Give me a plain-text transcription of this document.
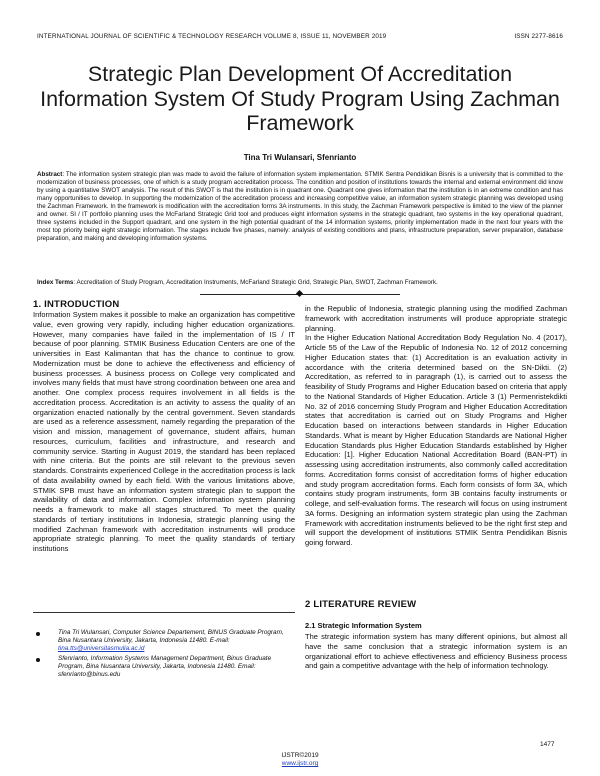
INTERNATIONAL JOURNAL OF SCIENTIFIC & TECHNOLOGY RESEARCH VOLUME 8, ISSUE 11, NOVEMBER 2019	ISSN 2277-8616
Strategic Plan Development Of Accreditation Information System Of Study Program Using Zachman Framework
Tina Tri Wulansari, Sfenrianto
Abstract: The information system strategic plan was made to avoid the failure of information system implementation. STMIK Sentra Pendidikan Bisnis is a university that is committed to the modernization of business processes, one of which is a study program accreditation process. The condition and position of institutions towards the internal and external environment did know by using a quantitative SWOT analysis. The result of this SWOT is that the institution is in quadrant one. Quadrant one gives information that the institution is in an extreme condition and has many opportunities to develop. In supporting the modernization of the accreditation process and increasing competitive value, an information system strategic planning was developed using the Zachman Framework. In the framework is modification with the accreditation forms 3A instruments. In this study, the Zachman Framework perspective is limited to the view of the planner and owner. SI / IT portfolio planning uses the McFarland Strategic Grid tool and produces eight information systems in the strategic quadrant, two systems in the key operational quadrant, three systems included in the Support quadrant, and one system in the high potential quadrant of the 14 information systems, priority implementation made in the next four years with the most top priority being eight strategic information. The stages include five phases, namely: analysis of existing conditions and plans, infrastructure preparation, server preparation, database preparation, and making and developing information systems.
Index Terms: Accreditation of Study Program, Accreditation Instruments, McFarland Strategic Grid, Strategic Plan, SWOT, Zachman Framework.
1. INTRODUCTION
Information System makes it possible to make an organization has competitive value, even growing very rapidly, including higher education organizations. However, many companies have failed in the implementation of IS / IT because of poor planning. STMIK Business Education Centers are one of the universities in East Kalimantan that has the chance to continue to grow. Modernization must be done to achieve the effectiveness and efficiency of business processes. A business process on College very complicated and involves many fields that must have strong coordination between one area and another. One complex process requires involvement in all fields is the accreditation process. Accreditation is an activity to assess the quality of an organization enacted nationally by the central government. Seven standards are used as a reference assessment, namely regarding the preparation of the vision and mission, management of governance, student affairs, human resources, curriculum, facilities and infrastructure, and research and community service. Starting in August 2019, the standard has been replaced with nine criteria. But the points are still relevant to the previous seven standards. Constraints experienced College in the accreditation process is lack of data availability owned by each field. With the various limitations above, STMIK SPB must have an information system strategic plan to support the availability of data and information. Complex information system planning needs a framework to make all stages structured. To meet the quality standards of tertiary institutions in Indonesia, strategic planning using the modified Zachman framework with accreditation instruments will produce appropriate strategic planning. To meet the quality standards of tertiary institutions
Tina Tri Wulansari, Computer Science Departement, BINUS Graduate Program, Bina Nusantara University, Jakarta, Indonesia 11480. E-mail: tina.tts@universitasmulia.ac.id
Sfenrianto, Information Systems Management Department, Binus Graduate Program, Bina Nusantara University, Jakarta, Indonesia 11480. Email: sfenrianto@binus.edu
in the Republic of Indonesia, strategic planning using the modified Zachman framework with accreditation instruments will produce appropriate strategic planning.
In the Higher Education National Accreditation Body Regulation No. 4 (2017), Article 55 of the Law of the Republic of Indonesia No. 12 of 2012 concerning Higher Education states that: (1) Accreditation is an evaluation activity in accordance with the criteria determined based on the SN-Dikti. (2) Accreditation, as referred to in paragraph (1), is carried out to assess the feasibility of Study Programs and Higher Education based on criteria that apply to the National Standards of Higher Education. Article 3 (1) Permenristekdikti No. 32 of 2016 concerning Study Program and Higher Education Accreditation states that accreditation is carried out on Study Programs and Higher Education based on interactions between standards in Higher Education Standards. What is meant by Higher Education Standards are National Higher Education Standards plus Higher Education Standards established by Higher Education: [1]. Higher Education National Accreditation Board (BAN-PT) in assessing using accreditation instruments, also commonly called accreditation forms. Accreditation forms consist of accreditation forms of higher education and study program accreditation forms. Each form consists of form 3A, which contains study program instruments, form 3B contains faculty instruments or college, and self-evaluation forms. The research will focus on using instrument 3A forms. Designing an information system strategic plan using the Zachman Framework with accreditation instruments believed to be the right first step and will support the development of institutions STMIK Sentra Pendidikan Bisnis going forward.
2 LITERATURE REVIEW
2.1 Strategic Information System
The strategic information system has many different opinions, but almost all have the same conclusion that a strategic information system is an organizational effort to achieve effectiveness and efficiency Business process and gain a competitive advantage with the help of information technology.
1477
IJSTR©2019
www.ijstr.org
